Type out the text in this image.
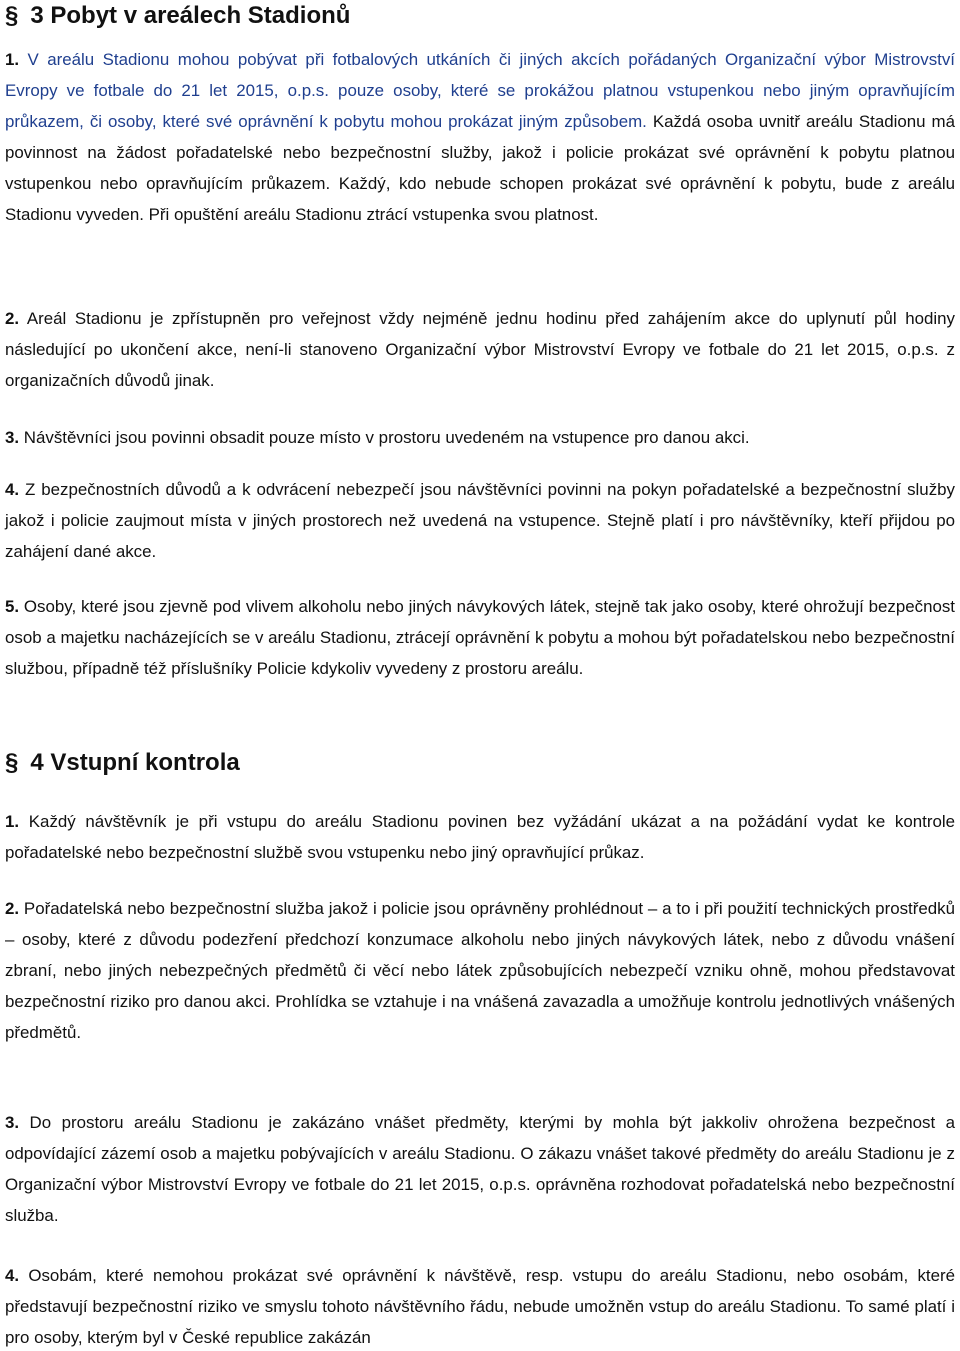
§ 3 Pobyt v areálech Stadionů

1. V areálu Stadionu mohou pobývat při fotbalových utkáních či jiných akcích pořádaných Organizační výbor Mistrovství Evropy ve fotbale do 21 let 2015, o.p.s. pouze osoby, které se prokážou platnou vstupenkou nebo jiným opravňujícím průkazem, či osoby, které své oprávnění k pobytu mohou prokázat jiným způsobem. Každá osoba uvnitř areálu Stadionu má povinnost na žádost pořadatelské nebo bezpečnostní služby, jakož i policie prokázat své oprávnění k pobytu platnou vstupenkou nebo opravňujícím průkazem. Každý, kdo nebude schopen prokázat své oprávnění k pobytu, bude z areálu Stadionu vyveden. Při opuštění areálu Stadionu ztrácí vstupenka svou platnost.

2. Areál Stadionu je zpřístupněn pro veřejnost vždy nejméně jednu hodinu před zahájením akce do uplynutí půl hodiny následující po ukončení akce, není-li stanoveno Organizační výbor Mistrovství Evropy ve fotbale do 21 let 2015, o.p.s. z organizačních důvodů jinak.

3. Návštěvníci jsou povinni obsadit pouze místo v prostoru uvedeném na vstupence pro danou akci.

4. Z bezpečnostních důvodů a k odvrácení nebezpečí jsou návštěvníci povinni na pokyn pořadatelské a bezpečnostní služby jakož i policie zaujmout místa v jiných prostorech než uvedená na vstupence. Stejně platí i pro návštěvníky, kteří přijdou po zahájení dané akce.

5. Osoby, které jsou zjevně pod vlivem alkoholu nebo jiných návykových látek, stejně tak jako osoby, které ohrožují bezpečnost osob a majetku nacházejících se v areálu Stadionu, ztrácejí oprávnění k pobytu a mohou být pořadatelskou nebo bezpečnostní službou, případně též příslušníky Policie kdykoliv vyvedeny z prostoru areálu.

§ 4 Vstupní kontrola

1. Každý návštěvník je při vstupu do areálu Stadionu povinen bez vyžádání ukázat a na požádání vydat ke kontrole pořadatelské nebo bezpečnostní službě svou vstupenku nebo jiný opravňující průkaz.

2. Pořadatelská nebo bezpečnostní služba jakož i policie jsou oprávněny prohlédnout – a to i při použití technických prostředků – osoby, které z důvodu podezření předchozí konzumace alkoholu nebo jiných návykových látek, nebo z důvodu vnášení zbraní, nebo jiných nebezpečných předmětů či věcí nebo látek způsobujících nebezpečí vzniku ohně, mohou představovat bezpečnostní riziko pro danou akci. Prohlídka se vztahuje i na vnášená zavazadla a umožňuje kontrolu jednotlivých vnášených předmětů.

3. Do prostoru areálu Stadionu je zakázáno vnášet předměty, kterými by mohla být jakkoliv ohrožena bezpečnost a odpovídající zázemí osob a majetku pobývajících v areálu Stadionu. O zákazu vnášet takové předměty do areálu Stadionu je z Organizační výbor Mistrovství Evropy ve fotbale do 21 let 2015, o.p.s. oprávněna rozhodovat pořadatelská nebo bezpečnostní služba.

4. Osobám, které nemohou prokázat své oprávnění k návštěvě, resp. vstupu do areálu Stadionu, nebo osobám, které představují bezpečnostní riziko ve smyslu tohoto návštěvního řádu, nebude umožněn vstup do areálu Stadionu. To samé platí i pro osoby, kterým byl v České republice zakázán
